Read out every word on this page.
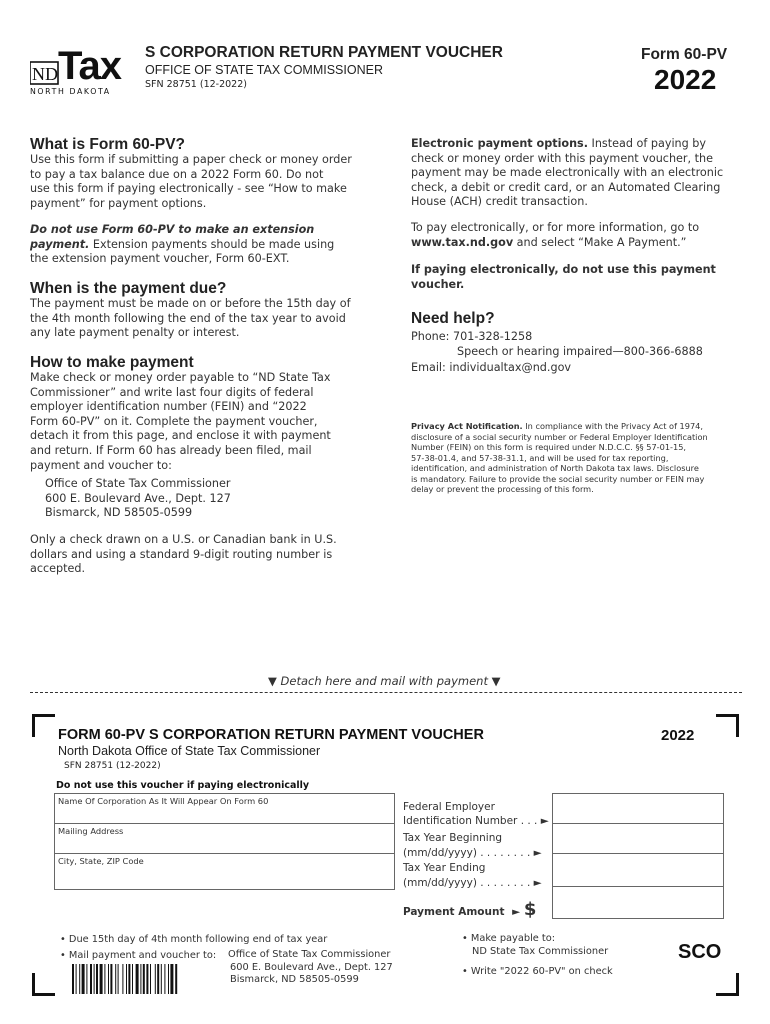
ND Tax
NORTH DAKOTA
S CORPORATION RETURN PAYMENT VOUCHER
OFFICE OF STATE TAX COMMISSIONER
SFN 28751 (12-2022)
Form 60-PV
2022
What is Form 60-PV?
Use this form if submitting a paper check or money order
to pay a tax balance due on a 2022 Form 60. Do not
use this form if paying electronically - see “How to make
payment” for payment options.
Do not use Form 60-PV to make an extension
payment. Extension payments should be made using
the extension payment voucher, Form 60-EXT.
When is the payment due?
The payment must be made on or before the 15th day of
the 4th month following the end of the tax year to avoid
any late payment penalty or interest.
How to make payment
Make check or money order payable to “ND State Tax
Commissioner” and write last four digits of federal
employer identification number (FEIN) and “2022
Form 60-PV” on it. Complete the payment voucher,
detach it from this page, and enclose it with payment
and return. If Form 60 has already been filed, mail
payment and voucher to:
Office of State Tax Commissioner
600 E. Boulevard Ave., Dept. 127
Bismarck, ND 58505-0599
Only a check drawn on a U.S. or Canadian bank in U.S.
dollars and using a standard 9-digit routing number is
accepted.
Electronic payment options. Instead of paying by
check or money order with this payment voucher, the
payment may be made electronically with an electronic
check, a debit or credit card, or an Automated Clearing
House (ACH) credit transaction.
To pay electronically, or for more information, go to
www.tax.nd.gov and select “Make A Payment.”
If paying electronically, do not use this payment
voucher.
Need help?
Phone: 701-328-1258
Speech or hearing impaired—800-366-6888
Email: individualtax@nd.gov
Privacy Act Notification. In compliance with the Privacy Act of 1974,
disclosure of a social security number or Federal Employer Identification
Number (FEIN) on this form is required under N.D.C.C. §§ 57-01-15,
57-38-01.4, and 57-38-31.1, and will be used for tax reporting,
identification, and administration of North Dakota tax laws. Disclosure
is mandatory. Failure to provide the social security number or FEIN may
delay or prevent the processing of this form.
▼ Detach here and mail with payment ▼
FORM 60-PV S CORPORATION RETURN PAYMENT VOUCHER	2022
North Dakota Office of State Tax Commissioner
SFN 28751 (12-2022)
Do not use this voucher if paying electronically
Name Of Corporation As It Will Appear On Form 60
Mailing Address
City, State, ZIP Code
Federal Employer
Identification Number . . . ►
Tax Year Beginning
(mm/dd/yyyy) . . . . . . . . ►
Tax Year Ending
(mm/dd/yyyy) . . . . . . . . ►
Payment Amount ► $
• Due 15th day of 4th month following end of tax year
• Mail payment and voucher to: Office of State Tax Commissioner
600 E. Boulevard Ave., Dept. 127
Bismarck, ND 58505-0599
• Make payable to:
ND State Tax Commissioner
• Write "2022 60-PV" on check
SCO
